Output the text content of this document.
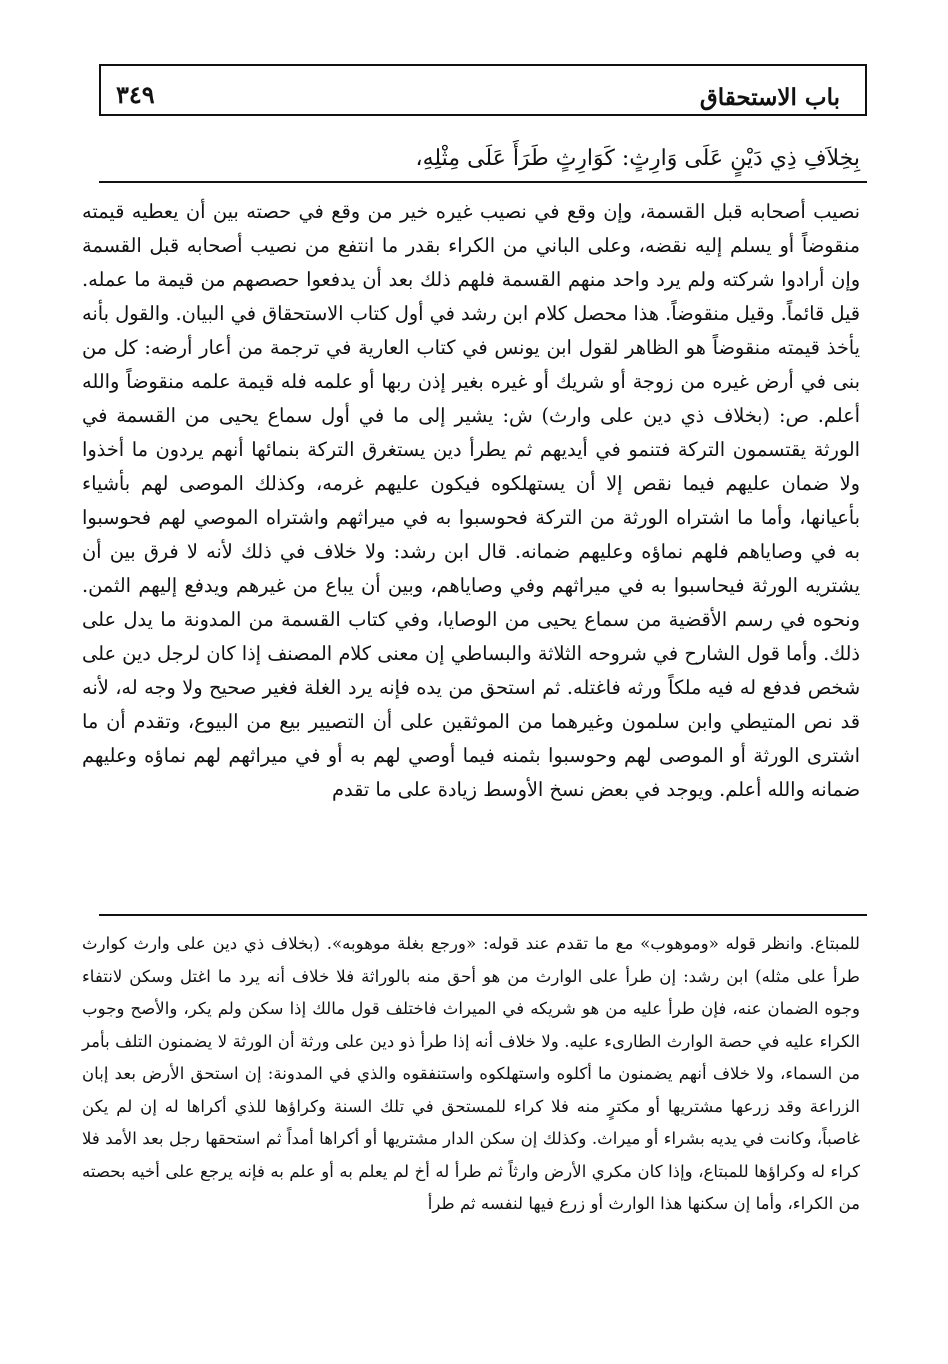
باب الاستحقاق
٣٤٩
بِخِلاَفِ ذِي دَيْنٍ عَلَى وَارِثٍ: كَوَارِثٍ طَرَأَ عَلَى مِثْلِهِ،

نصيب أصحابه قبل القسمة، وإن وقع في نصيب غيره خير من وقع في حصته بين أن يعطيه قيمته منقوضاً أو يسلم إليه نقضه، وعلى الباني من الكراء بقدر ما انتفع من نصيب أصحابه قبل القسمة وإن أرادوا شركته ولم يرد واحد منهم القسمة فلهم ذلك بعد أن يدفعوا حصصهم من قيمة ما عمله. قيل قائماً. وقيل منقوضاً. هذا محصل كلام ابن رشد في أول كتاب الاستحقاق في البيان. والقول بأنه يأخذ قيمته منقوضاً هو الظاهر لقول ابن يونس في كتاب العارية في ترجمة من أعار أرضه: كل من بنى في أرض غيره من زوجة أو شريك أو غيره بغير إذن ربها أو علمه فله قيمة علمه منقوضاً والله أعلم. ص: (بخلاف ذي دين على وارث) ش: يشير إلى ما في أول سماع يحيى من القسمة في الورثة يقتسمون التركة فتنمو في أيديهم ثم يطرأ دين يستغرق التركة بنمائها أنهم يردون ما أخذوا ولا ضمان عليهم فيما نقص إلا أن يستهلكوه فيكون عليهم غرمه، وكذلك الموصى لهم بأشياء بأعيانها، وأما ما اشتراه الورثة من التركة فحوسبوا به في ميراثهم واشتراه الموصي لهم فحوسبوا به في وصاياهم فلهم نماؤه وعليهم ضمانه. قال ابن رشد: ولا خلاف في ذلك لأنه لا فرق بين أن يشتريه الورثة فيحاسبوا به في ميراثهم وفي وصاياهم، وبين أن يباع من غيرهم ويدفع إليهم الثمن. ونحوه في رسم الأقضية من سماع يحيى من الوصايا، وفي كتاب القسمة من المدونة ما يدل على ذلك. وأما قول الشارح في شروحه الثلاثة والبساطي إن معنى كلام المصنف إذا كان لرجل دين على شخص فدفع له فيه ملكاً ورثه فاغتله. ثم استحق من يده فإنه يرد الغلة فغير صحيح ولا وجه له، لأنه قد نص المتيطي وابن سلمون وغيرهما من الموثقين على أن التصيير بيع من البيوع، وتقدم أن ما اشترى الورثة أو الموصى لهم وحوسبوا بثمنه فيما أوصي لهم به أو في ميراثهم لهم نماؤه وعليهم ضمانه والله أعلم. ويوجد في بعض نسخ الأوسط زيادة على ما تقدم

للمبتاع. وانظر قوله «وموهوب» مع ما تقدم عند قوله: «ورجع بغلة موهوبه». (بخلاف ذي دين على وارث كوارث طرأ على مثله) ابن رشد: إن طرأ على الوارث من هو أحق منه بالوراثة فلا خلاف أنه يرد ما اغتل وسكن لانتفاء وجوه الضمان عنه، فإن طرأ عليه من هو شريكه في الميراث فاختلف قول مالك إذا سكن ولم يكر، والأصح وجوب الكراء عليه في حصة الوارث الطارىء عليه. ولا خلاف أنه إذا طرأ ذو دين على ورثة أن الورثة لا يضمنون التلف بأمر من السماء، ولا خلاف أنهم يضمنون ما أكلوه واستهلكوه واستنفقوه والذي في المدونة: إن استحق الأرض بعد إبان الزراعة وقد زرعها مشتريها أو مكترٍ منه فلا كراء للمستحق في تلك السنة وكراؤها للذي أكراها له إن لم يكن غاصباً، وكانت في يديه بشراء أو ميراث. وكذلك إن سكن الدار مشتريها أو أكراها أمداً ثم استحقها رجل بعد الأمد فلا كراء له وكراؤها للمبتاع، وإذا كان مكري الأرض وارثاً ثم طرأ له أخ لم يعلم به أو علم به فإنه يرجع على أخيه بحصته من الكراء، وأما إن سكنها هذا الوارث أو زرع فيها لنفسه ثم طرأ
